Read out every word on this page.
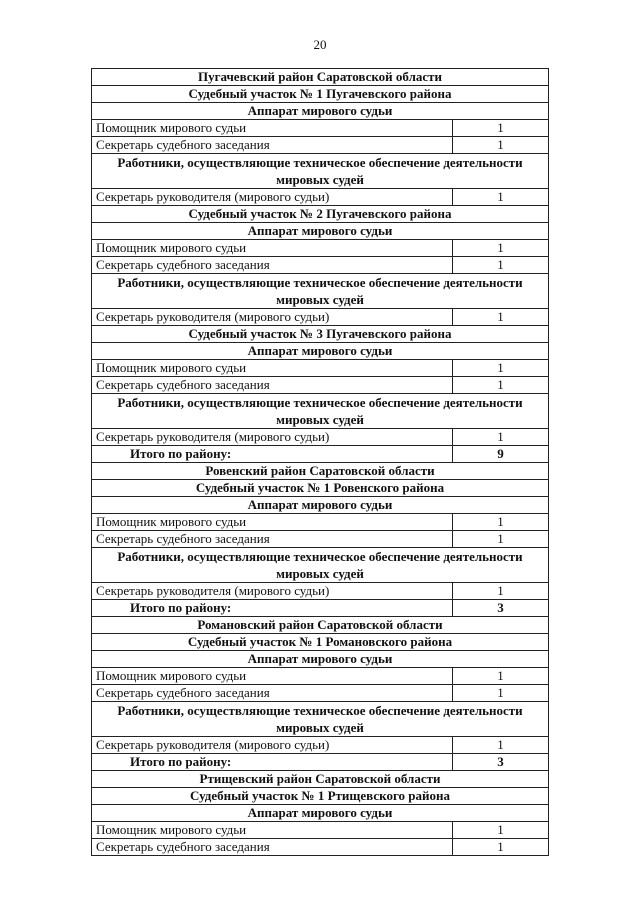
20
Пугачевский район Саратовской области	
Судебный участок № 1 Пугачевского района	
Аппарат мирового судьи	
Помощник мирового судьи	1
Секретарь судебного заседания	1
Работники, осуществляющие техническое обеспечение деятельности мировых судей	
Секретарь руководителя (мирового судьи)	1
Судебный участок № 2 Пугачевского района	
Аппарат мирового судьи	
Помощник мирового судьи	1
Секретарь судебного заседания	1
Работники, осуществляющие техническое обеспечение деятельности мировых судей	
Секретарь руководителя (мирового судьи)	1
Судебный участок № 3 Пугачевского района	
Аппарат мирового судьи	
Помощник мирового судьи	1
Секретарь судебного заседания	1
Работники, осуществляющие техническое обеспечение деятельности мировых судей	
Секретарь руководителя (мирового судьи)	1
Итого по району:	9
Ровенский район Саратовской области	
Судебный участок № 1 Ровенского района	
Аппарат мирового судьи	
Помощник мирового судьи	1
Секретарь судебного заседания	1
Работники, осуществляющие техническое обеспечение деятельности мировых судей	
Секретарь руководителя (мирового судьи)	1
Итого по району:	3
Романовский район Саратовской области	
Судебный участок № 1 Романовского района	
Аппарат мирового судьи	
Помощник мирового судьи	1
Секретарь судебного заседания	1
Работники, осуществляющие техническое обеспечение деятельности мировых судей	
Секретарь руководителя (мирового судьи)	1
Итого по району:	3
Ртищевский район Саратовской области	
Судебный участок № 1 Ртищевского района	
Аппарат мирового судьи	
Помощник мирового судьи	1
Секретарь судебного заседания	1
